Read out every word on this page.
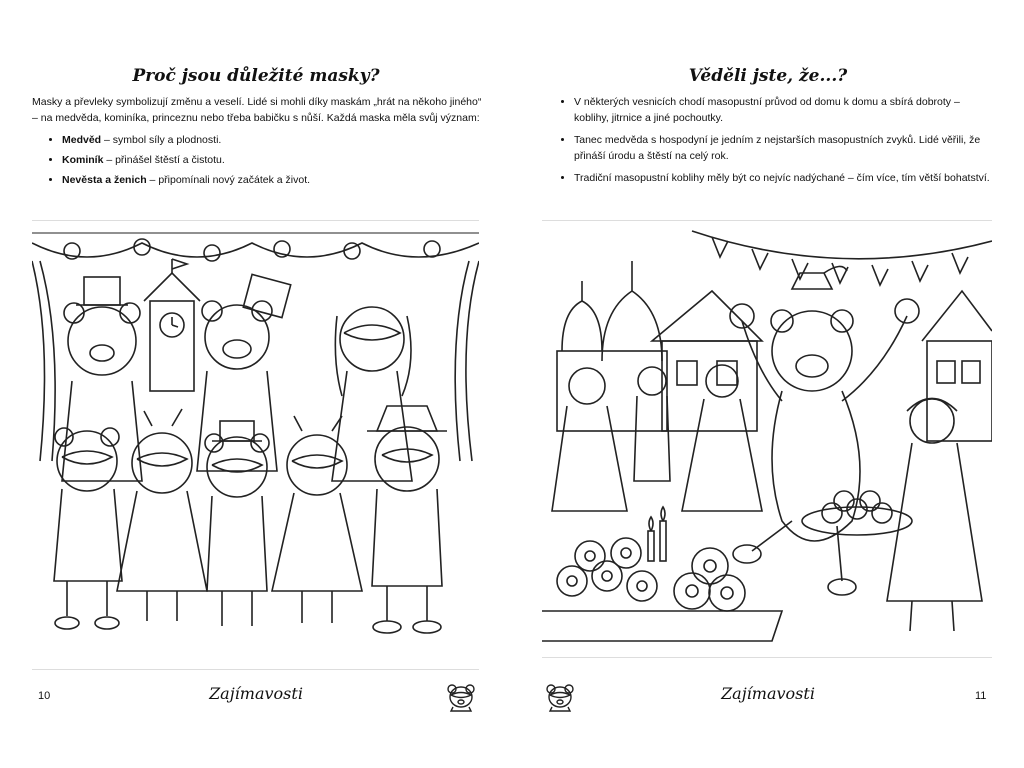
Proč jsou důležité masky?

Masky a převleky symbolizují změnu a veselí. Lidé si mohli díky maskám „hrát na někoho jiného“ – na medvěda, kominíka, princeznu nebo třeba babičku s nůší. Každá maska měla svůj význam:

• Medvěd – symbol síly a plodnosti.
• Kominík – přinášel štěstí a čistotu.
• Nevěsta a ženich – připomínali nový začátek a život.
10	Zajímavosti
Věděli jste, že...?
• V některých vesnicích chodí masopustní průvod od domu k domu a sbírá dobroty – koblihy, jitrnice a jiné pochoutky.
• Tanec medvěda s hospodyní je jedním z nejstarších masopustních zvyků. Lidé věřili, že přináší úrodu a štěstí na celý rok.
• Tradiční masopustní koblihy měly být co nejvíc nadýchané – čím více, tím větší bohatství.
Zajímavosti	11
